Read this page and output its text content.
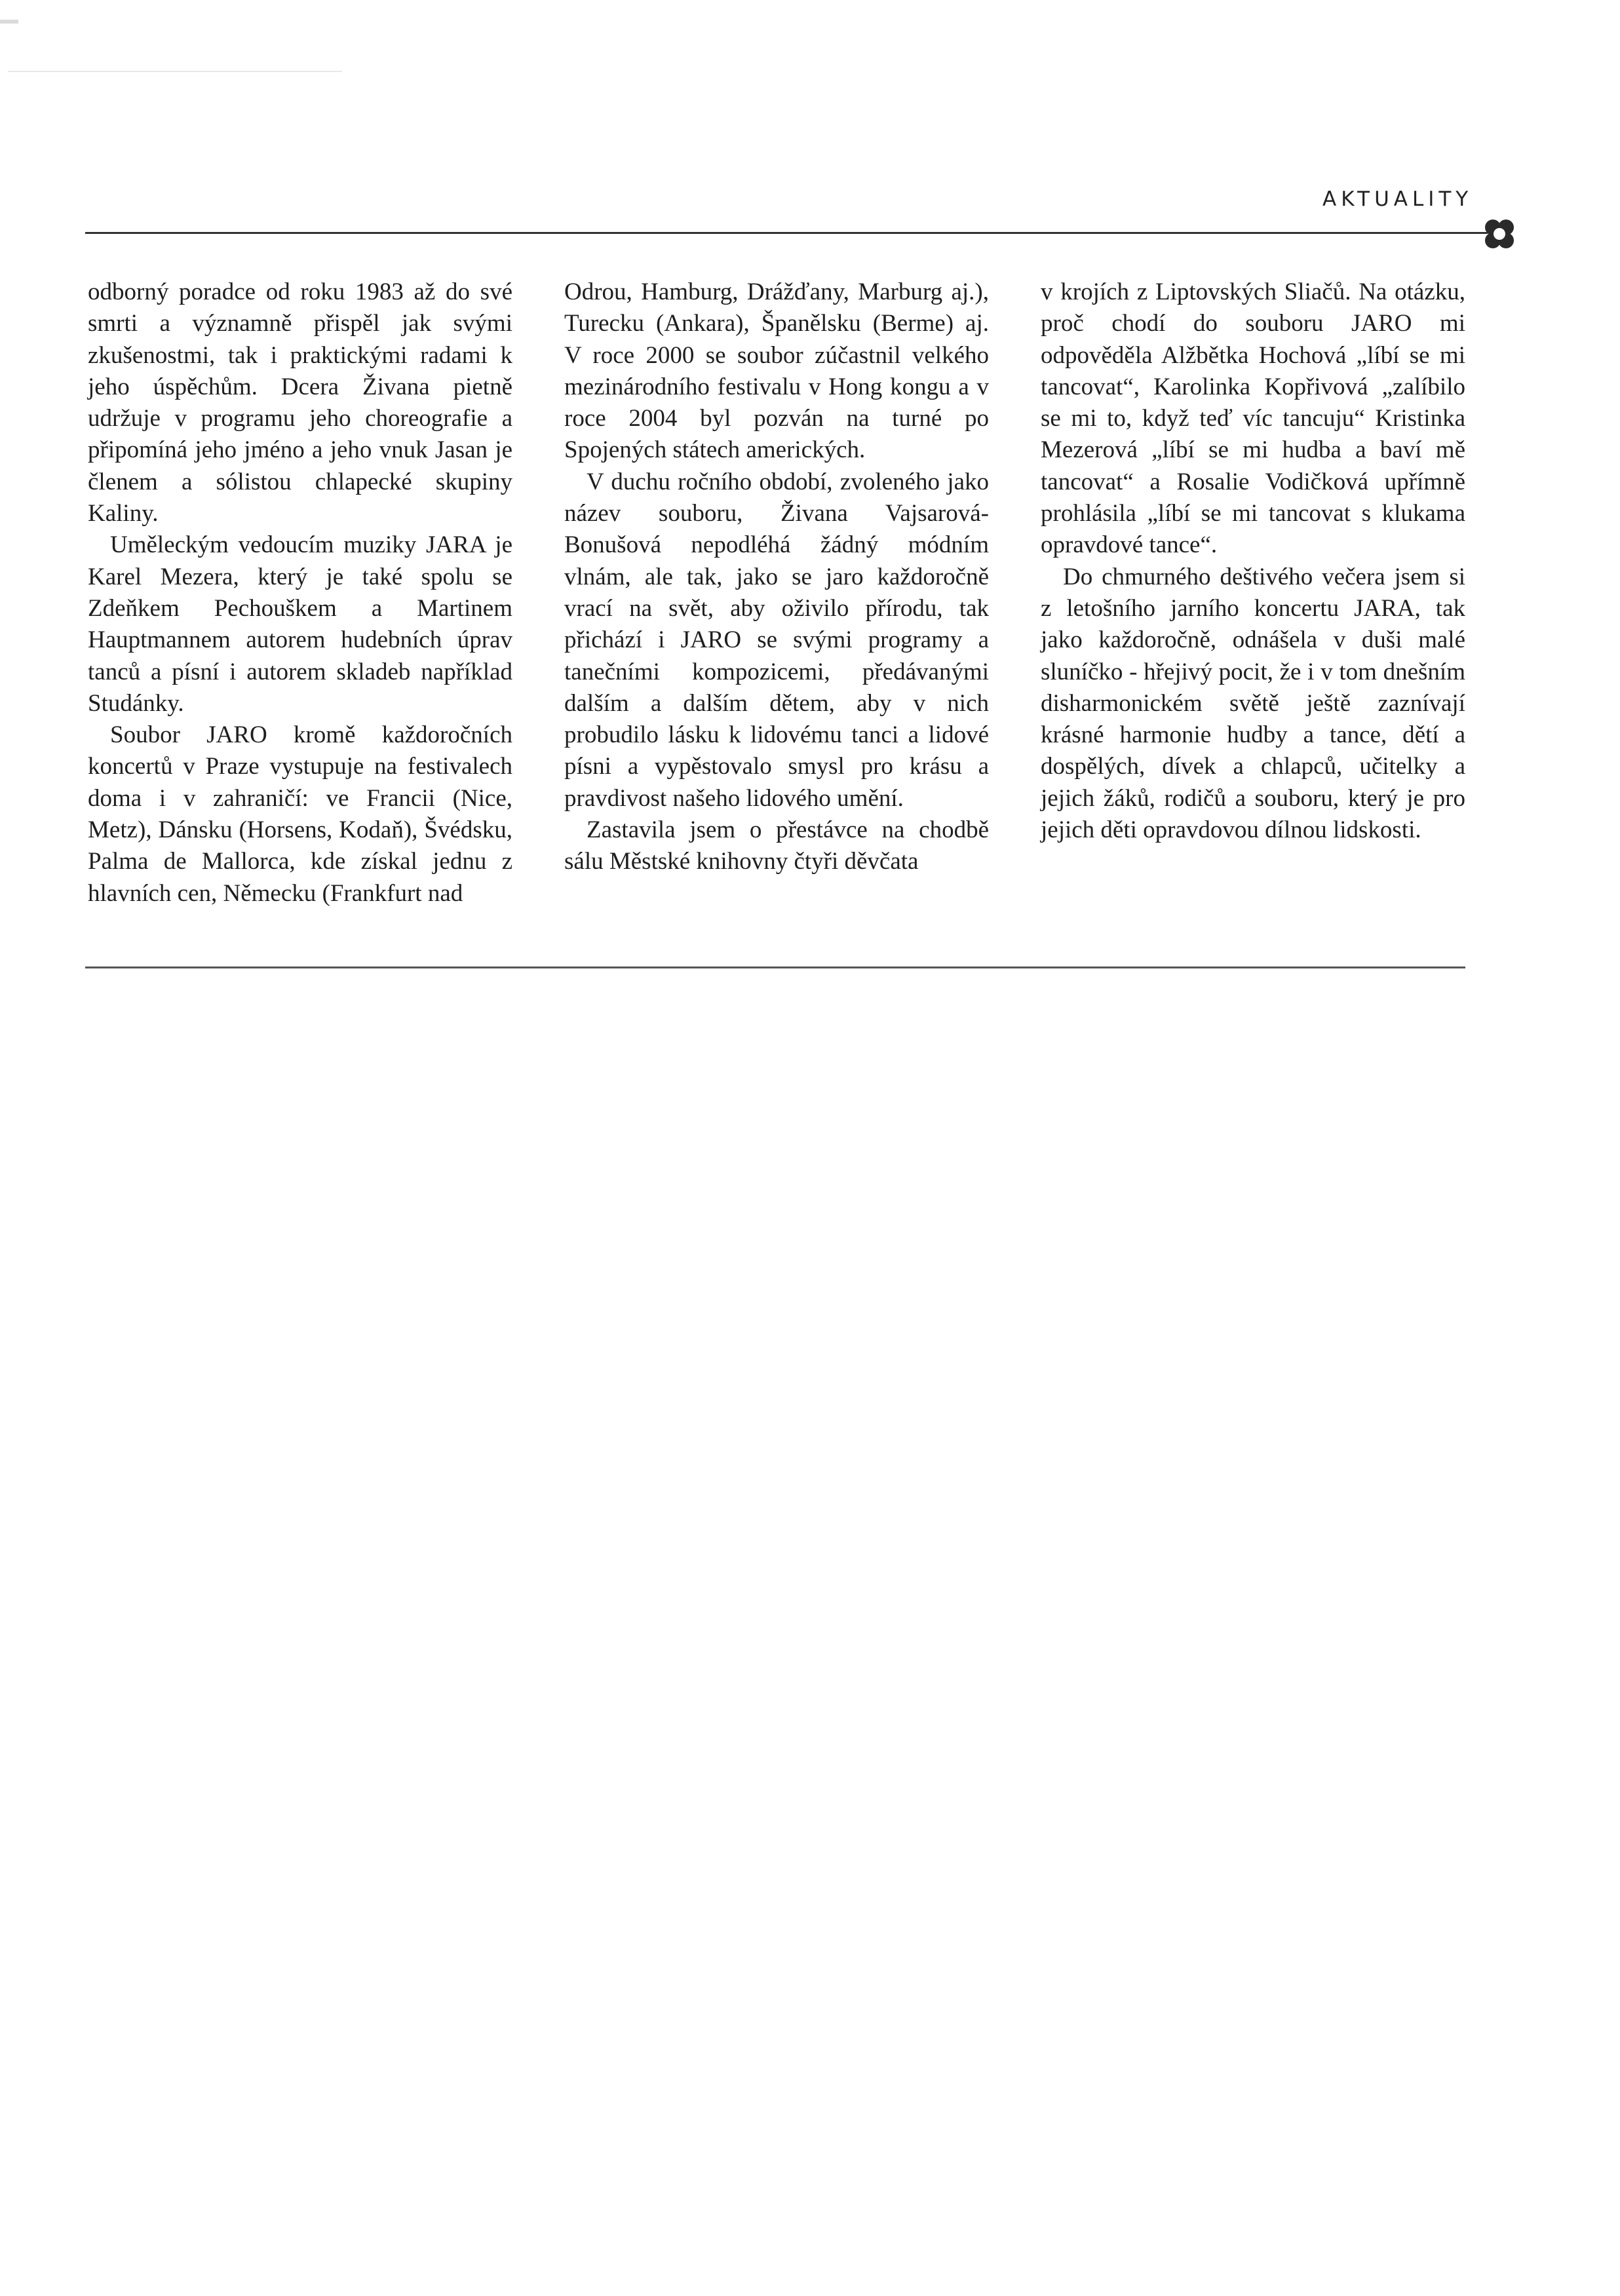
AKTUALITY

odborný poradce od roku 1983 až do své smrti a významně přispěl jak svými zkušenostmi, tak i praktickými radami k jeho úspěchům. Dcera Živana pietně udržuje v programu jeho choreografie a připomíná jeho jméno a jeho vnuk Jasan je členem a sólistou chlapecké skupiny Kaliny.

Uměleckým vedoucím muziky JARA je Karel Mezera, který je také spolu se Zdeňkem Pechouškem a Martinem Hauptmannem autorem hudebních úprav tanců a písní i autorem skladeb například Studánky.

Soubor JARO kromě každoročních koncertů v Praze vystupuje na festivalech doma i v zahraničí: ve Francii (Nice, Metz), Dánsku (Horsens, Kodaň), Švédsku, Palma de Mallorca, kde získal jednu z hlavních cen, Německu (Frankfurt nad

Odrou, Hamburg, Drážďany, Marburg aj.), Turecku (Ankara), Španělsku (Berme) aj. V roce 2000 se soubor zúčastnil velkého mezinárodního festivalu v Hong kongu a v roce 2004 byl pozván na turné po Spojených státech amerických.

V duchu ročního období, zvoleného jako název souboru, Živana Vajsarová-Bonušová nepodléhá žádný módním vlnám, ale tak, jako se jaro každoročně vrací na svět, aby oživilo přírodu, tak přichází i JARO se svými programy a tanečními kompozicemi, předávanými dalším a dalším dětem, aby v nich probudilo lásku k lidovému tanci a lidové písni a vypěstovalo smysl pro krásu a pravdivost našeho lidového umění.

Zastavila jsem o přestávce na chodbě sálu Městské knihovny čtyři děvčata

v krojích z Liptovských Sliačů. Na otázku, proč chodí do souboru JARO mi odpověděla Alžbětka Hochová „líbí se mi tancovat“, Karolinka Kopřivová „zalíbilo se mi to, když teď víc tancuju“ Kristinka Mezerová „líbí se mi hudba a baví mě tancovat“ a Rosalie Vodičková upřímně prohlásila „líbí se mi tancovat s klukama opravdové tance“.

Do chmurného deštivého večera jsem si z letošního jarního koncertu JARA, tak jako každoročně, odnášela v duši malé sluníčko - hřejivý pocit, že i v tom dnešním disharmonickém světě ještě zaznívají krásné harmonie hudby a tance, dětí a dospělých, dívek a chlapců, učitelky a jejich žáků, rodičů a souboru, který je pro jejich děti opravdovou dílnou lidskosti.
